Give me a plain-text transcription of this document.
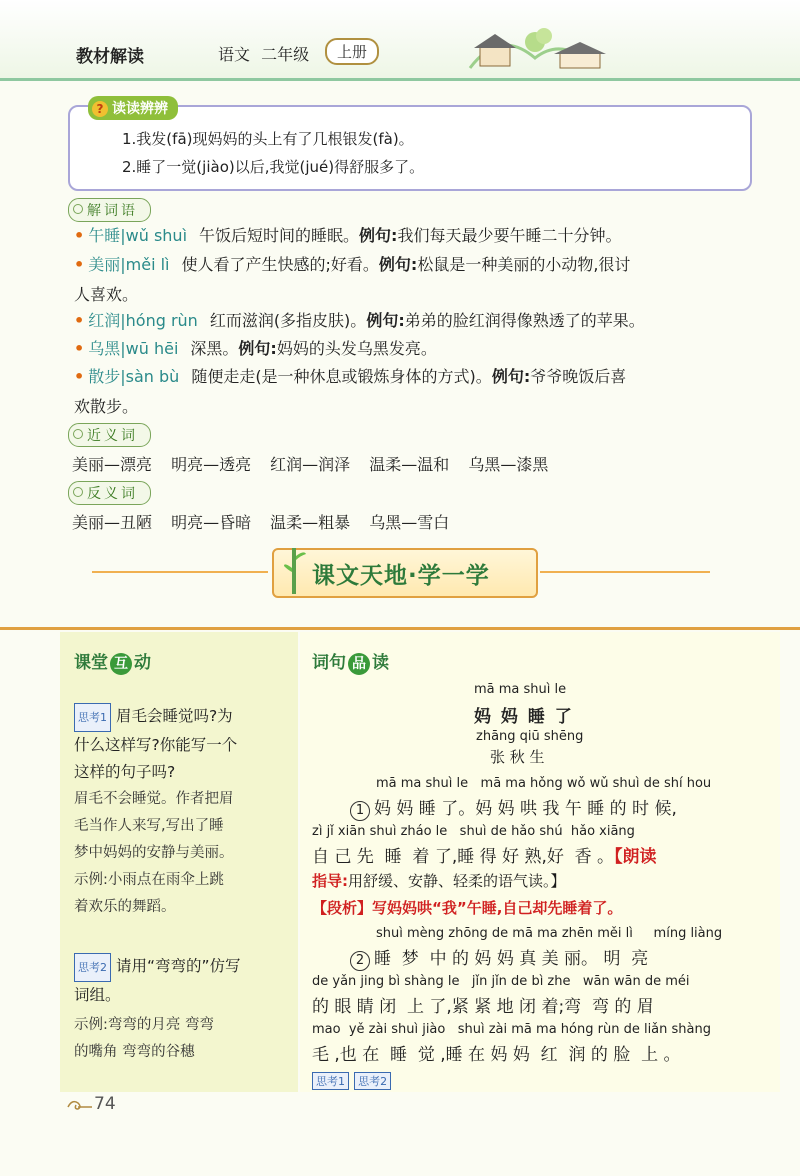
教材解读	语文 二年级	上册
? 读读辨辨
1.我发(fā)现妈妈的头上有了几根银发(fà)。
2.睡了一觉(jiào)以后,我觉(jué)得舒服多了。
解词语
• 午睡|wǔ shuì 午饭后短时间的睡眠。例句:我们每天最少要午睡二十分钟。
• 美丽|měi lì 使人看了产生快感的;好看。例句:松鼠是一种美丽的小动物,很讨
人喜欢。
• 红润|hóng rùn 红而滋润(多指皮肤)。例句:弟弟的脸红润得像熟透了的苹果。
• 乌黑|wū hēi 深黑。例句:妈妈的头发乌黑发亮。
• 散步|sàn bù 随便走走(是一种休息或锻炼身体的方式)。例句:爷爷晚饭后喜
欢散步。
近义词
美丽—漂亮 明亮—透亮 红润—润泽 温柔—温和 乌黑—漆黑
反义词
美丽—丑陋 明亮—昏暗 温柔—粗暴 乌黑—雪白
课文天地·学一学
课堂 互 动
思考1 眉毛会睡觉吗?为
什么这样写?你能写一个
这样的句子吗?
眉毛不会睡觉。作者把眉
毛当作人来写,写出了睡
梦中妈妈的安静与美丽。
示例:小雨点在雨伞上跳
着欢乐的舞蹈。
思考2 请用“弯弯的”仿写
词组。
示例:弯弯的月亮 弯弯
的嘴角 弯弯的谷穗
词句 品 读
mā ma shuì le
妈 妈 睡 了
zhāng qiū shēng
张 秋 生
mā ma shuì le   mā ma hǒng wǒ wǔ shuì de shí hou
1 妈 妈 睡 了。妈 妈 哄 我 午 睡 的 时 候,
zì jǐ xiān shuì zháo le   shuì de hǎo shú  hǎo xiāng
自 己 先  睡  着 了,睡 得 好 熟,好  香 。【朗读
指导:用舒缓、安静、轻柔的语气读。】
【段析】写妈妈哄“我”午睡,自己却先睡着了。
shuì mèng zhōng de mā ma zhēn měi lì     míng liàng
2 睡  梦  中 的 妈 妈 真 美 丽。 明  亮
de yǎn jing bì shàng le   jǐn jǐn de bì zhe   wān wān de méi
的 眼 睛 闭  上 了,紧 紧 地 闭 着;弯  弯 的 眉
mao  yě zài shuì jiào   shuì zài mā ma hóng rùn de liǎn shàng
毛 ,也 在  睡  觉 ,睡 在 妈 妈  红  润 的 脸  上 。
思考1 思考2
74
